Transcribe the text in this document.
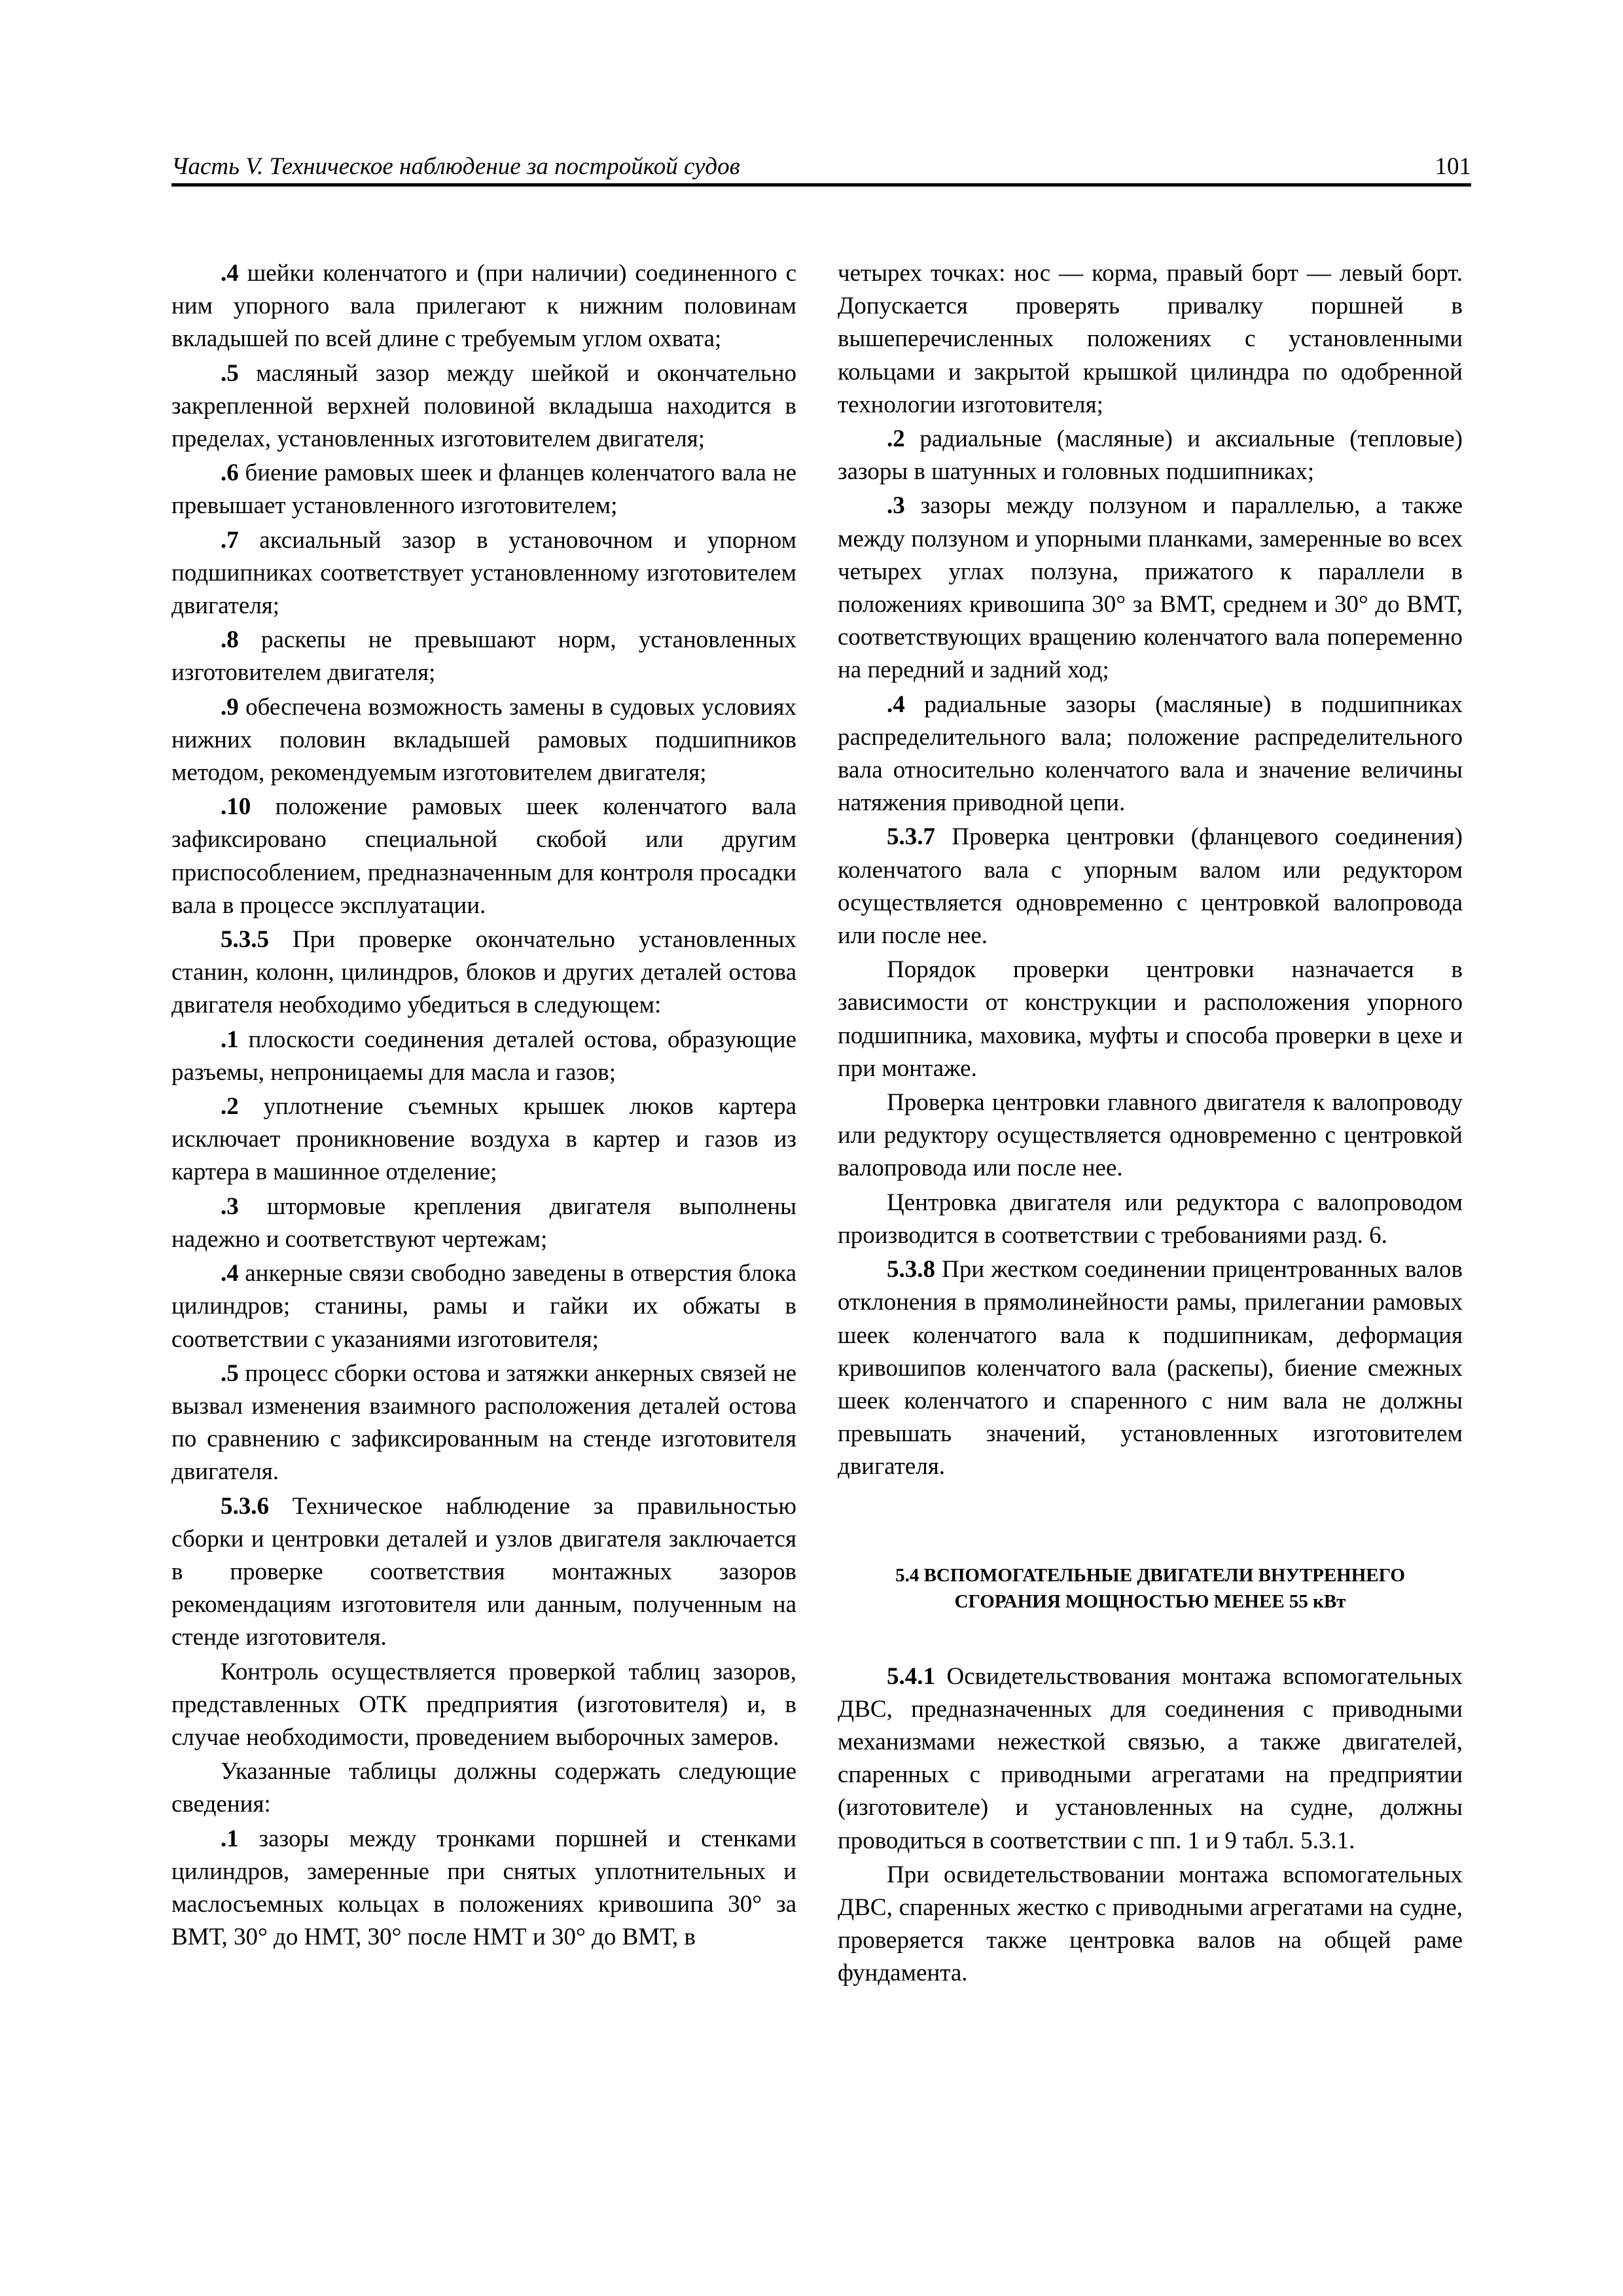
Часть V. Техническое наблюдение за постройкой судов	101

.4 шейки коленчатого и (при наличии) соединенного с ним упорного вала прилегают к нижним половинам вкладышей по всей длине с требуемым углом охвата;

.5 масляный зазор между шейкой и окончательно закрепленной верхней половиной вкладыша находится в пределах, установленных изготовителем двигателя;

.6 биение рамовых шеек и фланцев коленчатого вала не превышает установленного изготовителем;

.7 аксиальный зазор в установочном и упорном подшипниках соответствует установленному изготовителем двигателя;

.8 раскепы не превышают норм, установленных изготовителем двигателя;

.9 обеспечена возможность замены в судовых условиях нижних половин вкладышей рамовых подшипников методом, рекомендуемым изготовителем двигателя;

.10 положение рамовых шеек коленчатого вала зафиксировано специальной скобой или другим приспособлением, предназначенным для контроля просадки вала в процессе эксплуатации.

5.3.5 При проверке окончательно установленных станин, колонн, цилиндров, блоков и других деталей остова двигателя необходимо убедиться в следующем:

.1 плоскости соединения деталей остова, образующие разъемы, непроницаемы для масла и газов;

.2 уплотнение съемных крышек люков картера исключает проникновение воздуха в картер и газов из картера в машинное отделение;

.3 штормовые крепления двигателя выполнены надежно и соответствуют чертежам;

.4 анкерные связи свободно заведены в отверстия блока цилиндров; станины, рамы и гайки их обжаты в соответствии с указаниями изготовителя;

.5 процесс сборки остова и затяжки анкерных связей не вызвал изменения взаимного расположения деталей остова по сравнению с зафиксированным на стенде изготовителя двигателя.

5.3.6 Техническое наблюдение за правильностью сборки и центровки деталей и узлов двигателя заключается в проверке соответствия монтажных зазоров рекомендациям изготовителя или данным, полученным на стенде изготовителя.

Контроль осуществляется проверкой таблиц зазоров, представленных ОТК предприятия (изготовителя) и, в случае необходимости, проведением выборочных замеров.

Указанные таблицы должны содержать следующие сведения:

.1 зазоры между тронками поршней и стенками цилиндров, замеренные при снятых уплотнительных и маслосъемных кольцах в положениях кривошипа 30° за ВМТ, 30° до НМТ, 30° после НМТ и 30° до ВМТ, в

четырех точках: нос — корма, правый борт — левый борт. Допускается проверять привалку поршней в вышеперечисленных положениях с установленными кольцами и закрытой крышкой цилиндра по одобренной технологии изготовителя;

.2 радиальные (масляные) и аксиальные (тепловые) зазоры в шатунных и головных подшипниках;

.3 зазоры между ползуном и параллелью, а также между ползуном и упорными планками, замеренные во всех четырех углах ползуна, прижатого к параллели в положениях кривошипа 30° за ВМТ, среднем и 30° до ВМТ, соответствующих вращению коленчатого вала попеременно на передний и задний ход;

.4 радиальные зазоры (масляные) в подшипниках распределительного вала; положение распределительного вала относительно коленчатого вала и значение величины натяжения приводной цепи.

5.3.7 Проверка центровки (фланцевого соединения) коленчатого вала с упорным валом или редуктором осуществляется одновременно с центровкой валопровода или после нее.

Порядок проверки центровки назначается в зависимости от конструкции и расположения упорного подшипника, маховика, муфты и способа проверки в цехе и при монтаже.

Проверка центровки главного двигателя к валопроводу или редуктору осуществляется одновременно с центровкой валопровода или после нее.

Центровка двигателя или редуктора с валопроводом производится в соответствии с требованиями разд. 6.

5.3.8 При жестком соединении прицентрованных валов отклонения в прямолинейности рамы, прилегании рамовых шеек коленчатого вала к подшипникам, деформация кривошипов коленчатого вала (раскепы), биение смежных шеек коленчатого и спаренного с ним вала не должны превышать значений, установленных изготовителем двигателя.

5.4 ВСПОМОГАТЕЛЬНЫЕ ДВИГАТЕЛИ ВНУТРЕННЕГО СГОРАНИЯ МОЩНОСТЬЮ МЕНЕЕ 55 кВт

5.4.1 Освидетельствования монтажа вспомогательных ДВС, предназначенных для соединения с приводными механизмами нежесткой связью, а также двигателей, спаренных с приводными агрегатами на предприятии (изготовителе) и установленных на судне, должны проводиться в соответствии с пп. 1 и 9 табл. 5.3.1.

При освидетельствовании монтажа вспомогательных ДВС, спаренных жестко с приводными агрегатами на судне, проверяется также центровка валов на общей раме фундамента.
